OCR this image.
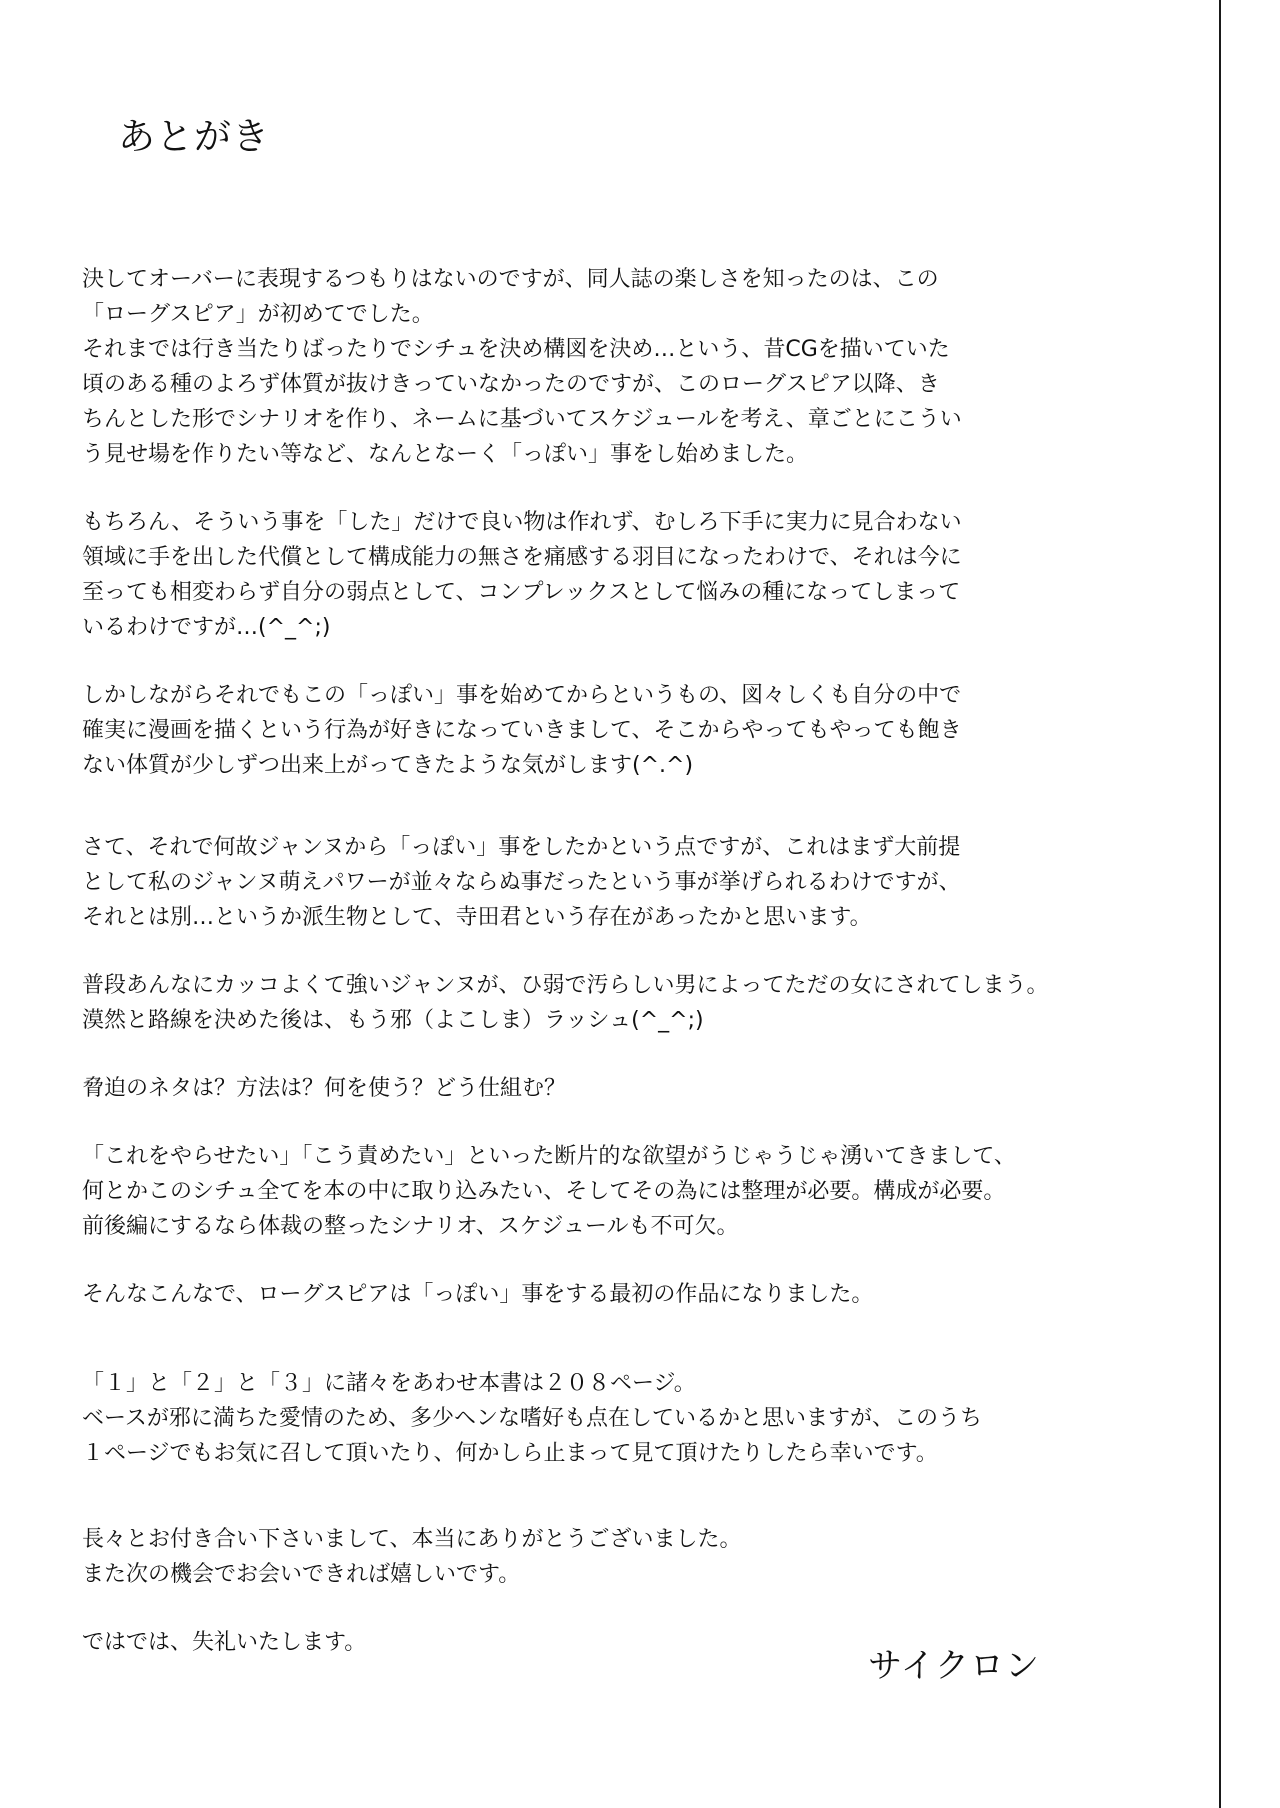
あとがき
決してオーバーに表現するつもりはないのですが、同人誌の楽しさを知ったのは、この
「ローグスピア」が初めてでした。
それまでは行き当たりばったりでシチュを決め構図を決め…という、昔CGを描いていた
頃のある種のよろず体質が抜けきっていなかったのですが、このローグスピア以降、き
ちんとした形でシナリオを作り、ネームに基づいてスケジュールを考え、章ごとにこうい
う見せ場を作りたい等など、なんとなーく「っぽい」事をし始めました。
もちろん、そういう事を「した」だけで良い物は作れず、むしろ下手に実力に見合わない
領域に手を出した代償として構成能力の無さを痛感する羽目になったわけで、それは今に
至っても相変わらず自分の弱点として、コンプレックスとして悩みの種になってしまって
いるわけですが…(^_^;)
しかしながらそれでもこの「っぽい」事を始めてからというもの、図々しくも自分の中で
確実に漫画を描くという行為が好きになっていきまして、そこからやってもやっても飽き
ない体質が少しずつ出来上がってきたような気がします(^.^)
さて、それで何故ジャンヌから「っぽい」事をしたかという点ですが、これはまず大前提
として私のジャンヌ萌えパワーが並々ならぬ事だったという事が挙げられるわけですが、
それとは別…というか派生物として、寺田君という存在があったかと思います。
普段あんなにカッコよくて強いジャンヌが、ひ弱で汚らしい男によってただの女にされてしまう。
漠然と路線を決めた後は、もう邪（よこしま）ラッシュ(^_^;)
脅迫のネタは？方法は？何を使う？どう仕組む？
「これをやらせたい」「こう責めたい」といった断片的な欲望がうじゃうじゃ湧いてきまして、
何とかこのシチュ全てを本の中に取り込みたい、そしてその為には整理が必要。構成が必要。
前後編にするなら体裁の整ったシナリオ、スケジュールも不可欠。
そんなこんなで、ローグスピアは「っぽい」事をする最初の作品になりました。
「１」と「２」と「３」に諸々をあわせ本書は２０８ページ。
ベースが邪に満ちた愛情のため、多少ヘンな嗜好も点在しているかと思いますが、このうち
１ページでもお気に召して頂いたり、何かしら止まって見て頂けたりしたら幸いです。
長々とお付き合い下さいまして、本当にありがとうございました。
また次の機会でお会いできれば嬉しいです。
ではでは、失礼いたします。
サイクロン
